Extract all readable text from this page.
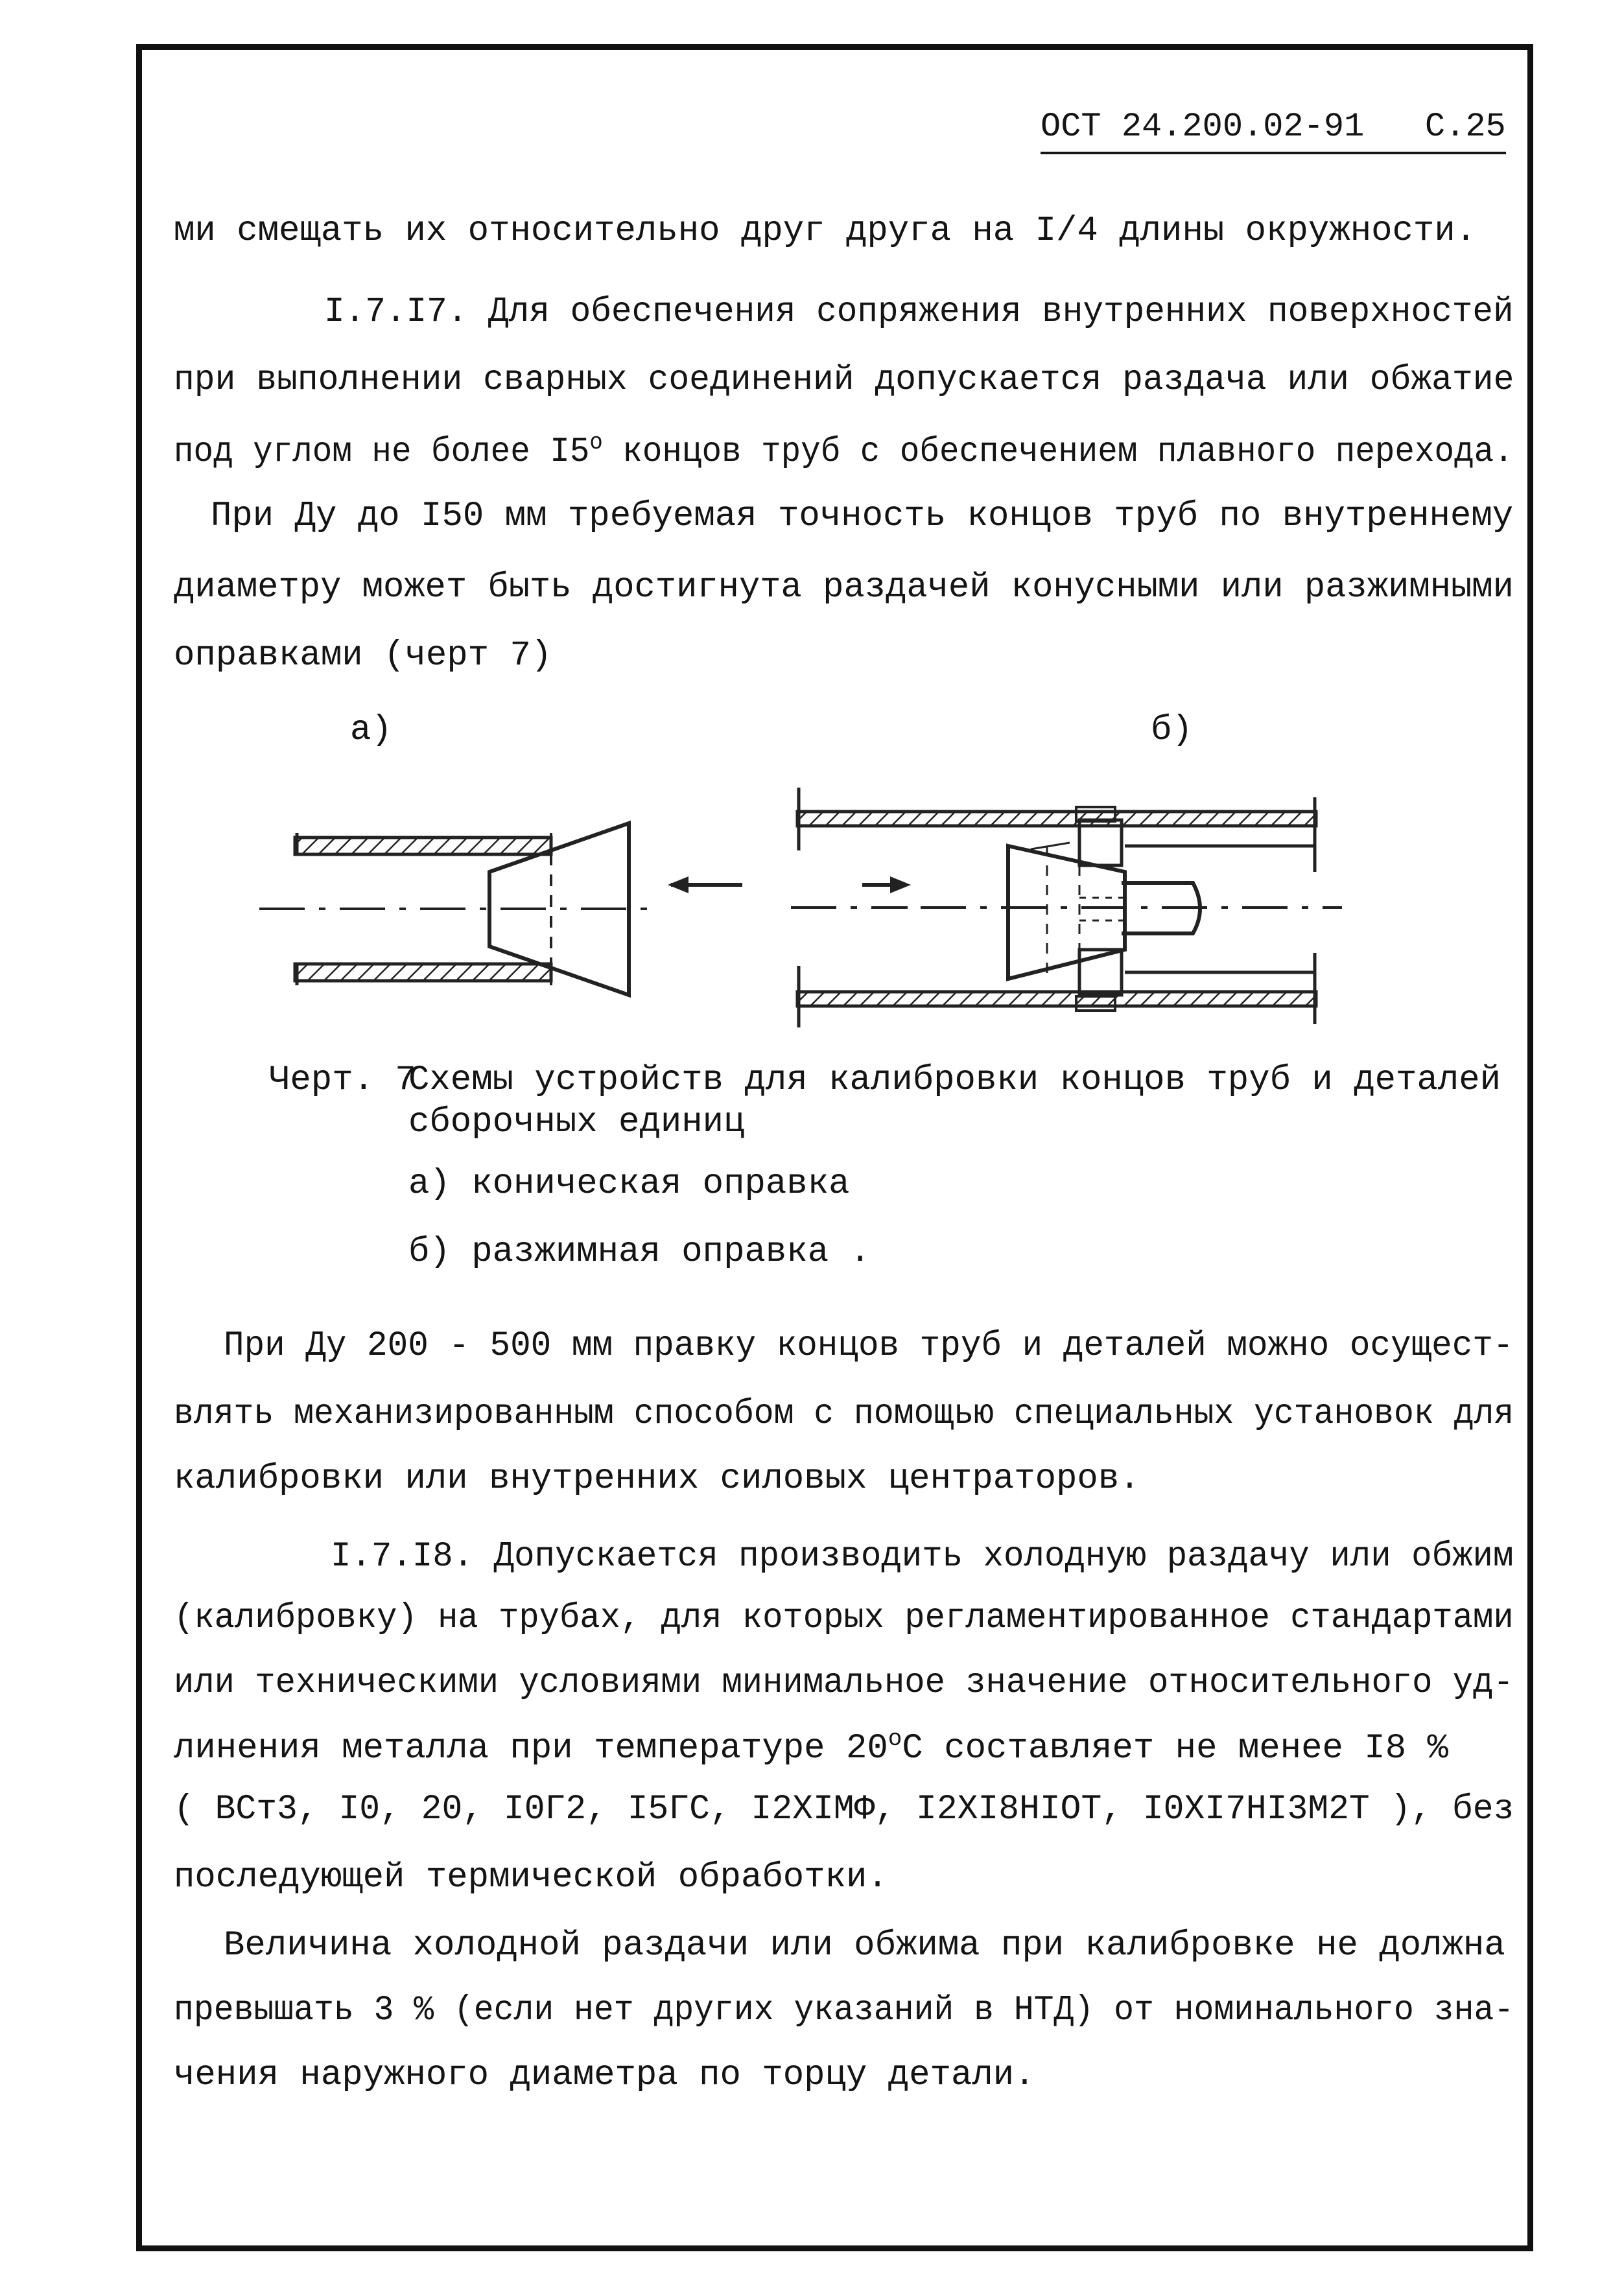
ОСТ 24.200.02-91 С.25
ми смещать их относительно друг друга на I/4 длины окружности.
I.7.I7. Для обеспечения сопряжения внутренних поверхностей
при выполнении сварных соединений допускается раздача или обжатие
под углом не более $I5^о$ концов труб с обеспечением плавного перехода.
При Ду до I50 мм требуемая точность концов труб по внутреннему
диаметру может быть достигнута раздачей конусными или разжимными
оправками (черт 7)
а)	б)
Черт. 7
Схемы устройств для калибровки концов труб и деталей
сборочных единиц
а) коническая оправка
б) разжимная оправка .
При Ду 200 - 500 мм правку концов труб и деталей можно осущест-
влять механизированным способом с помощью специальных установок для
калибровки или внутренних силовых центраторов.
I.7.I8. Допускается производить холодную раздачу или обжим
(калибровку) на трубах, для которых регламентированное стандартами
или техническими условиями минимальное значение относительного уд-
линения металла при температуре $20^оС$ составляет не менее I8 %
( ВСт3, I0, 20, I0Г2, I5ГС, I2ХIМФ, I2ХI8НIОТ, I0ХI7НI3М2Т ), без
последующей термической обработки.
Величина холодной раздачи или обжима при калибровке не должна
превышать 3 % (если нет других указаний в НТД) от номинального зна-
чения наружного диаметра по торцу детали.
